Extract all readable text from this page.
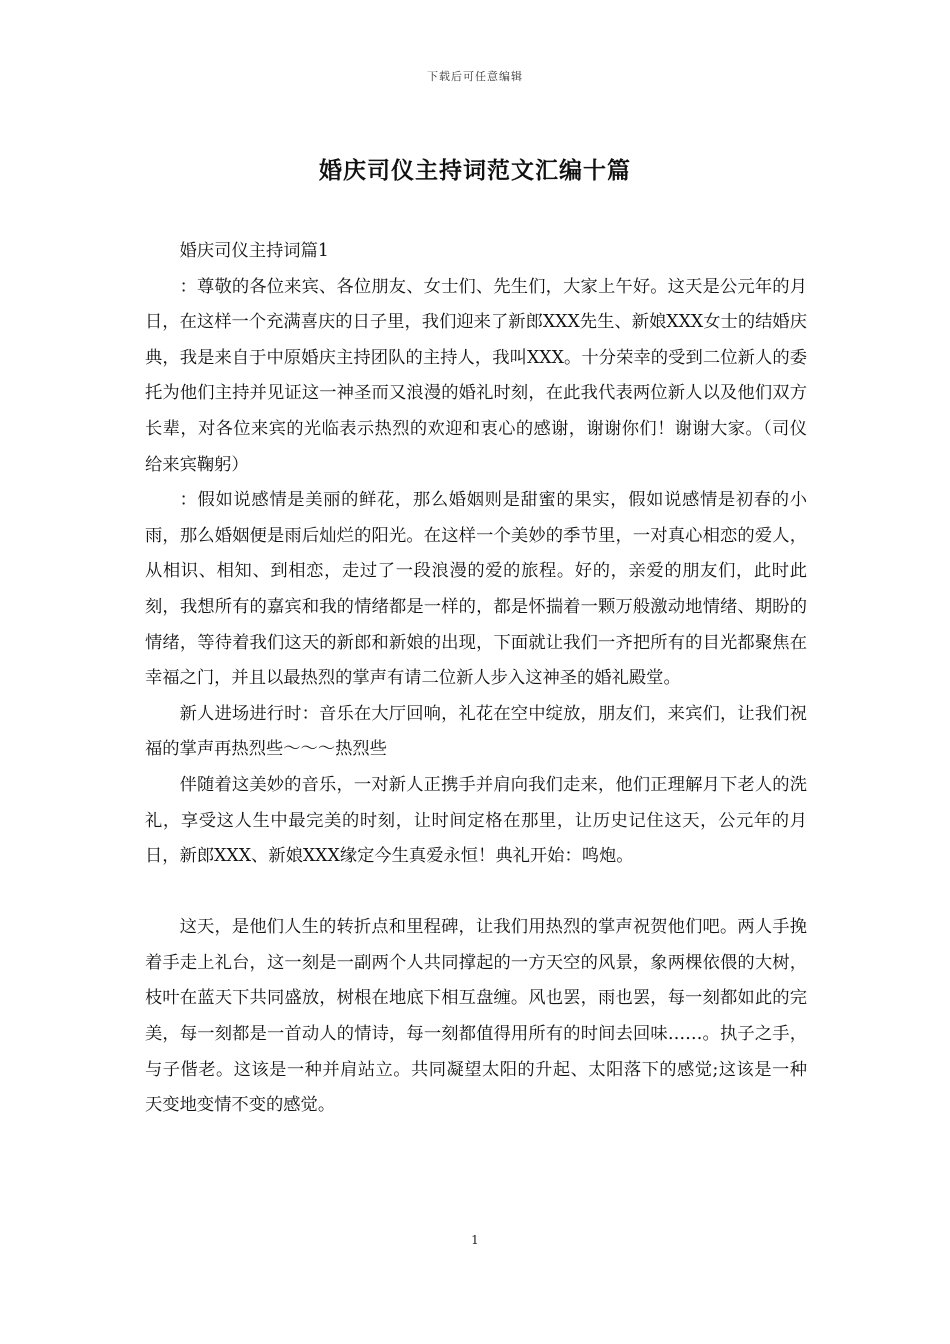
下载后可任意编辑
婚庆司仪主持词范文汇编十篇

婚庆司仪主持词篇1

：尊敬的各位来宾、各位朋友、女士们、先生们，大家上午好。这天是公元年的月日，在这样一个充满喜庆的日子里，我们迎来了新郎XXX先生、新娘XXX女士的结婚庆典，我是来自于中原婚庆主持团队的主持人，我叫XXX。十分荣幸的受到二位新人的委托为他们主持并见证这一神圣而又浪漫的婚礼时刻，在此我代表两位新人以及他们双方长辈，对各位来宾的光临表示热烈的欢迎和衷心的感谢，谢谢你们！谢谢大家。（司仪给来宾鞠躬）

：假如说感情是美丽的鲜花，那么婚姻则是甜蜜的果实，假如说感情是初春的小雨，那么婚姻便是雨后灿烂的阳光。在这样一个美妙的季节里，一对真心相恋的爱人，从相识、相知、到相恋，走过了一段浪漫的爱的旅程。好的，亲爱的朋友们，此时此刻，我想所有的嘉宾和我的情绪都是一样的，都是怀揣着一颗万般激动地情绪、期盼的情绪，等待着我们这天的新郎和新娘的出现，下面就让我们一齐把所有的目光都聚焦在幸福之门，并且以最热烈的掌声有请二位新人步入这神圣的婚礼殿堂。

新人进场进行时：音乐在大厅回响，礼花在空中绽放，朋友们，来宾们，让我们祝福的掌声再热烈些～～～热烈些

伴随着这美妙的音乐，一对新人正携手并肩向我们走来，他们正理解月下老人的洗礼，享受这人生中最完美的时刻，让时间定格在那里，让历史记住这天，公元年的月日，新郎XXX、新娘XXX缘定今生真爱永恒！典礼开始：鸣炮。

这天，是他们人生的转折点和里程碑，让我们用热烈的掌声祝贺他们吧。两人手挽着手走上礼台，这一刻是一副两个人共同撑起的一方天空的风景，象两棵依偎的大树，枝叶在蓝天下共同盛放，树根在地底下相互盘缠。风也罢，雨也罢，每一刻都如此的完美，每一刻都是一首动人的情诗，每一刻都值得用所有的时间去回味……。执子之手，与子偕老。这该是一种并肩站立。共同凝望太阳的升起、太阳落下的感觉;这该是一种天变地变情不变的感觉。

1
